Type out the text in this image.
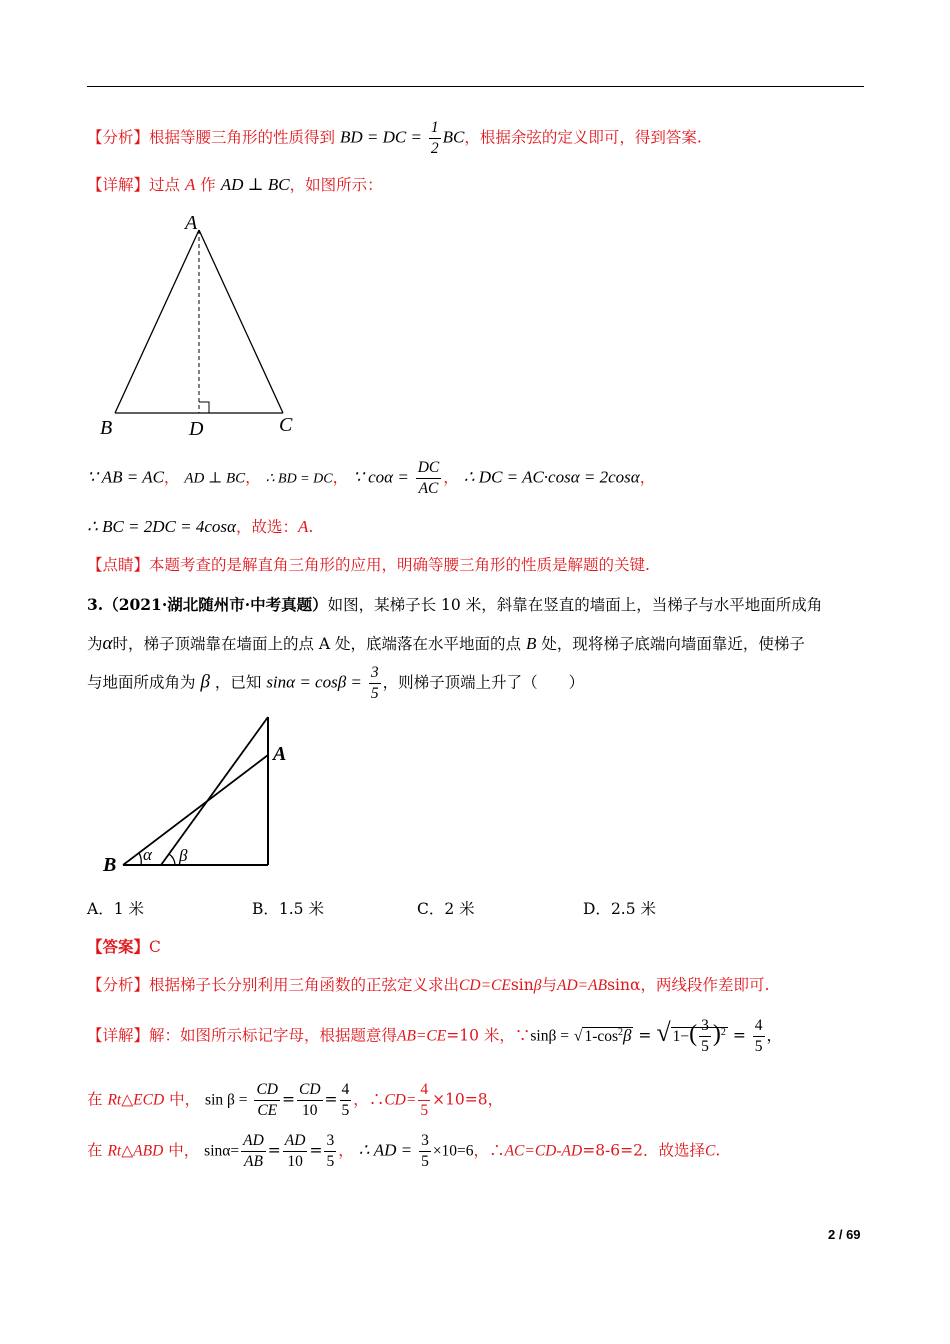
【分析】根据等腰三角形的性质得到 BD = DC = $\frac{1}{2}$ BC，根据余弦的定义即可，得到答案.
【详解】过点 A 作 AD ⊥ BC，如图所示：
A
B	D	C
∵ AB = AC， AD ⊥ BC， ∴ BD = DC， ∵ $co\alpha = \frac{DC}{AC}$ ， ∴ DC = AC·cosα = 2cosα，
∴ BC = 2DC = 4cosα，故选：A.
【点睛】本题考查的是解直角三角形的应用，明确等腰三角形的性质是解题的关键.
3.（2021·湖北随州市·中考真题）如图，某梯子长 10 米，斜靠在竖直的墙面上，当梯子与水平地面所成角
为α时，梯子顶端靠在墙面上的点 A 处，底端落在水平地面的点 B 处，现将梯子底端向墙面靠近，使梯子
与地面所成角为 β ，已知 $\sin\alpha = \cos\beta = \frac{3}{5}$ ，则梯子顶端上升了（　　）
A
B α β
A．1 米	B．1.5 米	C．2 米	D．2.5 米
【答案】C
【分析】根据梯子长分别利用三角函数的正弦定义求出CD=CEsinβ与AD=ABsinα，两线段作差即可.
【详解】解：如图所示标记字母，根据题意得AB=CE=10 米，∵sinβ = √ $1-\cos^2\beta$ = √ $1-( \frac{3}{5} )^2 = \frac{4}{5}$ ，
在 Rt△ECD 中， $\sin \beta = \frac{CD}{CE} = \frac{CD}{10} = \frac{4}{5}$ ，∴CD= $\frac{4}{5} \times 10=8$，
在 Rt△ABD 中， $\sin\alpha= \frac{AD}{AB} = \frac{AD}{10} = \frac{3}{5}$ ， ∴ AD = $\frac{3}{5} \times 10=6$，∴AC=CD-AD=8-6=2．故选择C.
2 / 69
